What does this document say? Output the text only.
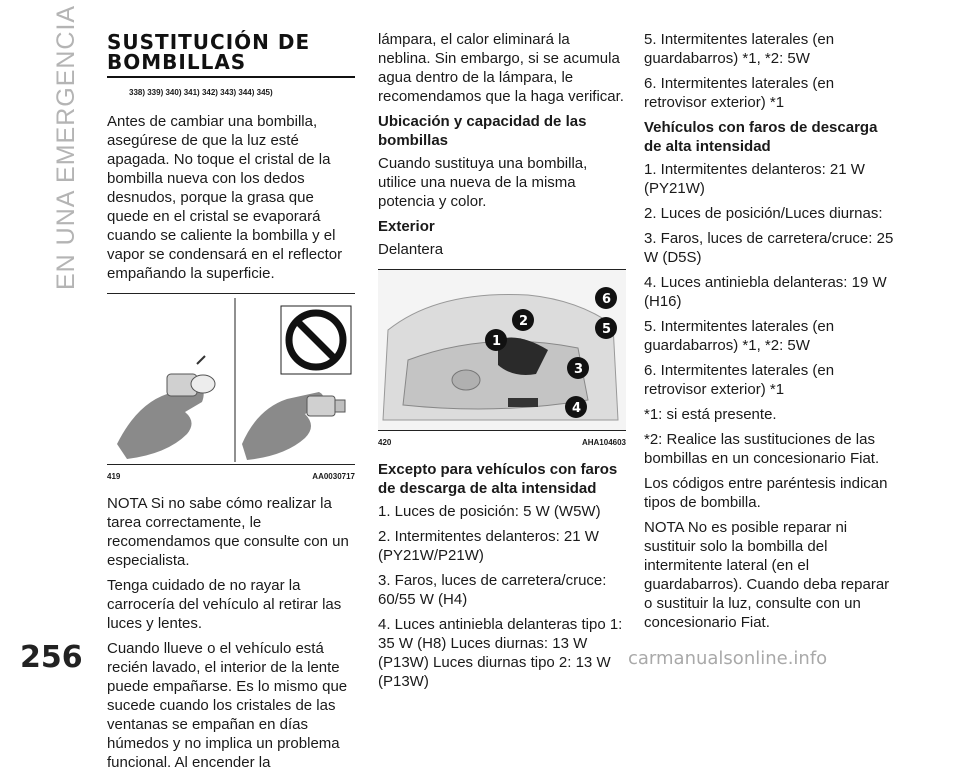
EN UNA EMERGENCIA
256	carmanualsonline.info
SUSTITUCIÓN DE BOMBILLAS
338) 339) 340) 341) 342) 343) 344) 345)

Antes de cambiar una bombilla, asegúrese de que la luz esté apagada. No toque el cristal de la bombilla nueva con los dedos desnudos, porque la grasa que quede en el cristal se evaporará cuando se caliente la bombilla y el vapor se condensará en el reflector empañando la superficie.

419	AA0030717

NOTA Si no sabe cómo realizar la tarea correctamente, le recomendamos que consulte con un especialista.

Tenga cuidado de no rayar la carrocería del vehículo al retirar las luces y lentes.

Cuando llueve o el vehículo está recién lavado, el interior de la lente puede empañarse. Es lo mismo que sucede cuando los cristales de las ventanas se empañan en días húmedos y no implica un problema funcional. Al encender la

lámpara, el calor eliminará la neblina. Sin embargo, si se acumula agua dentro de la lámpara, le recomendamos que la haga verificar.

Ubicación y capacidad de las bombillas

Cuando sustituya una bombilla, utilice una nueva de la misma potencia y color.

Exterior

Delantera

1
2
3
4
5
6
420	AHA104603
Excepto para vehículos con faros de descarga de alta intensidad

1. Luces de posición: 5 W (W5W)

2. Intermitentes delanteros: 21 W (PY21W/P21W)

3. Faros, luces de carretera/cruce: 60/55 W (H4)

4. Luces antiniebla delanteras tipo 1: 35 W (H8) Luces diurnas: 13 W (P13W) Luces diurnas tipo 2: 13 W (P13W)

5. Intermitentes laterales (en guardabarros) *1, *2: 5W

6. Intermitentes laterales (en retrovisor exterior) *1

Vehículos con faros de descarga de alta intensidad

1. Intermitentes delanteros: 21 W (PY21W)

2. Luces de posición/Luces diurnas:

3. Faros, luces de carretera/cruce: 25 W (D5S)

4. Luces antiniebla delanteras: 19 W (H16)

5. Intermitentes laterales (en guardabarros) *1, *2: 5W

6. Intermitentes laterales (en retrovisor exterior) *1

*1: si está presente.

*2: Realice las sustituciones de las bombillas en un concesionario Fiat.

Los códigos entre paréntesis indican tipos de bombilla.

NOTA No es posible reparar ni sustituir solo la bombilla del intermitente lateral (en el guardabarros). Cuando deba reparar o sustituir la luz, consulte con un concesionario Fiat.
